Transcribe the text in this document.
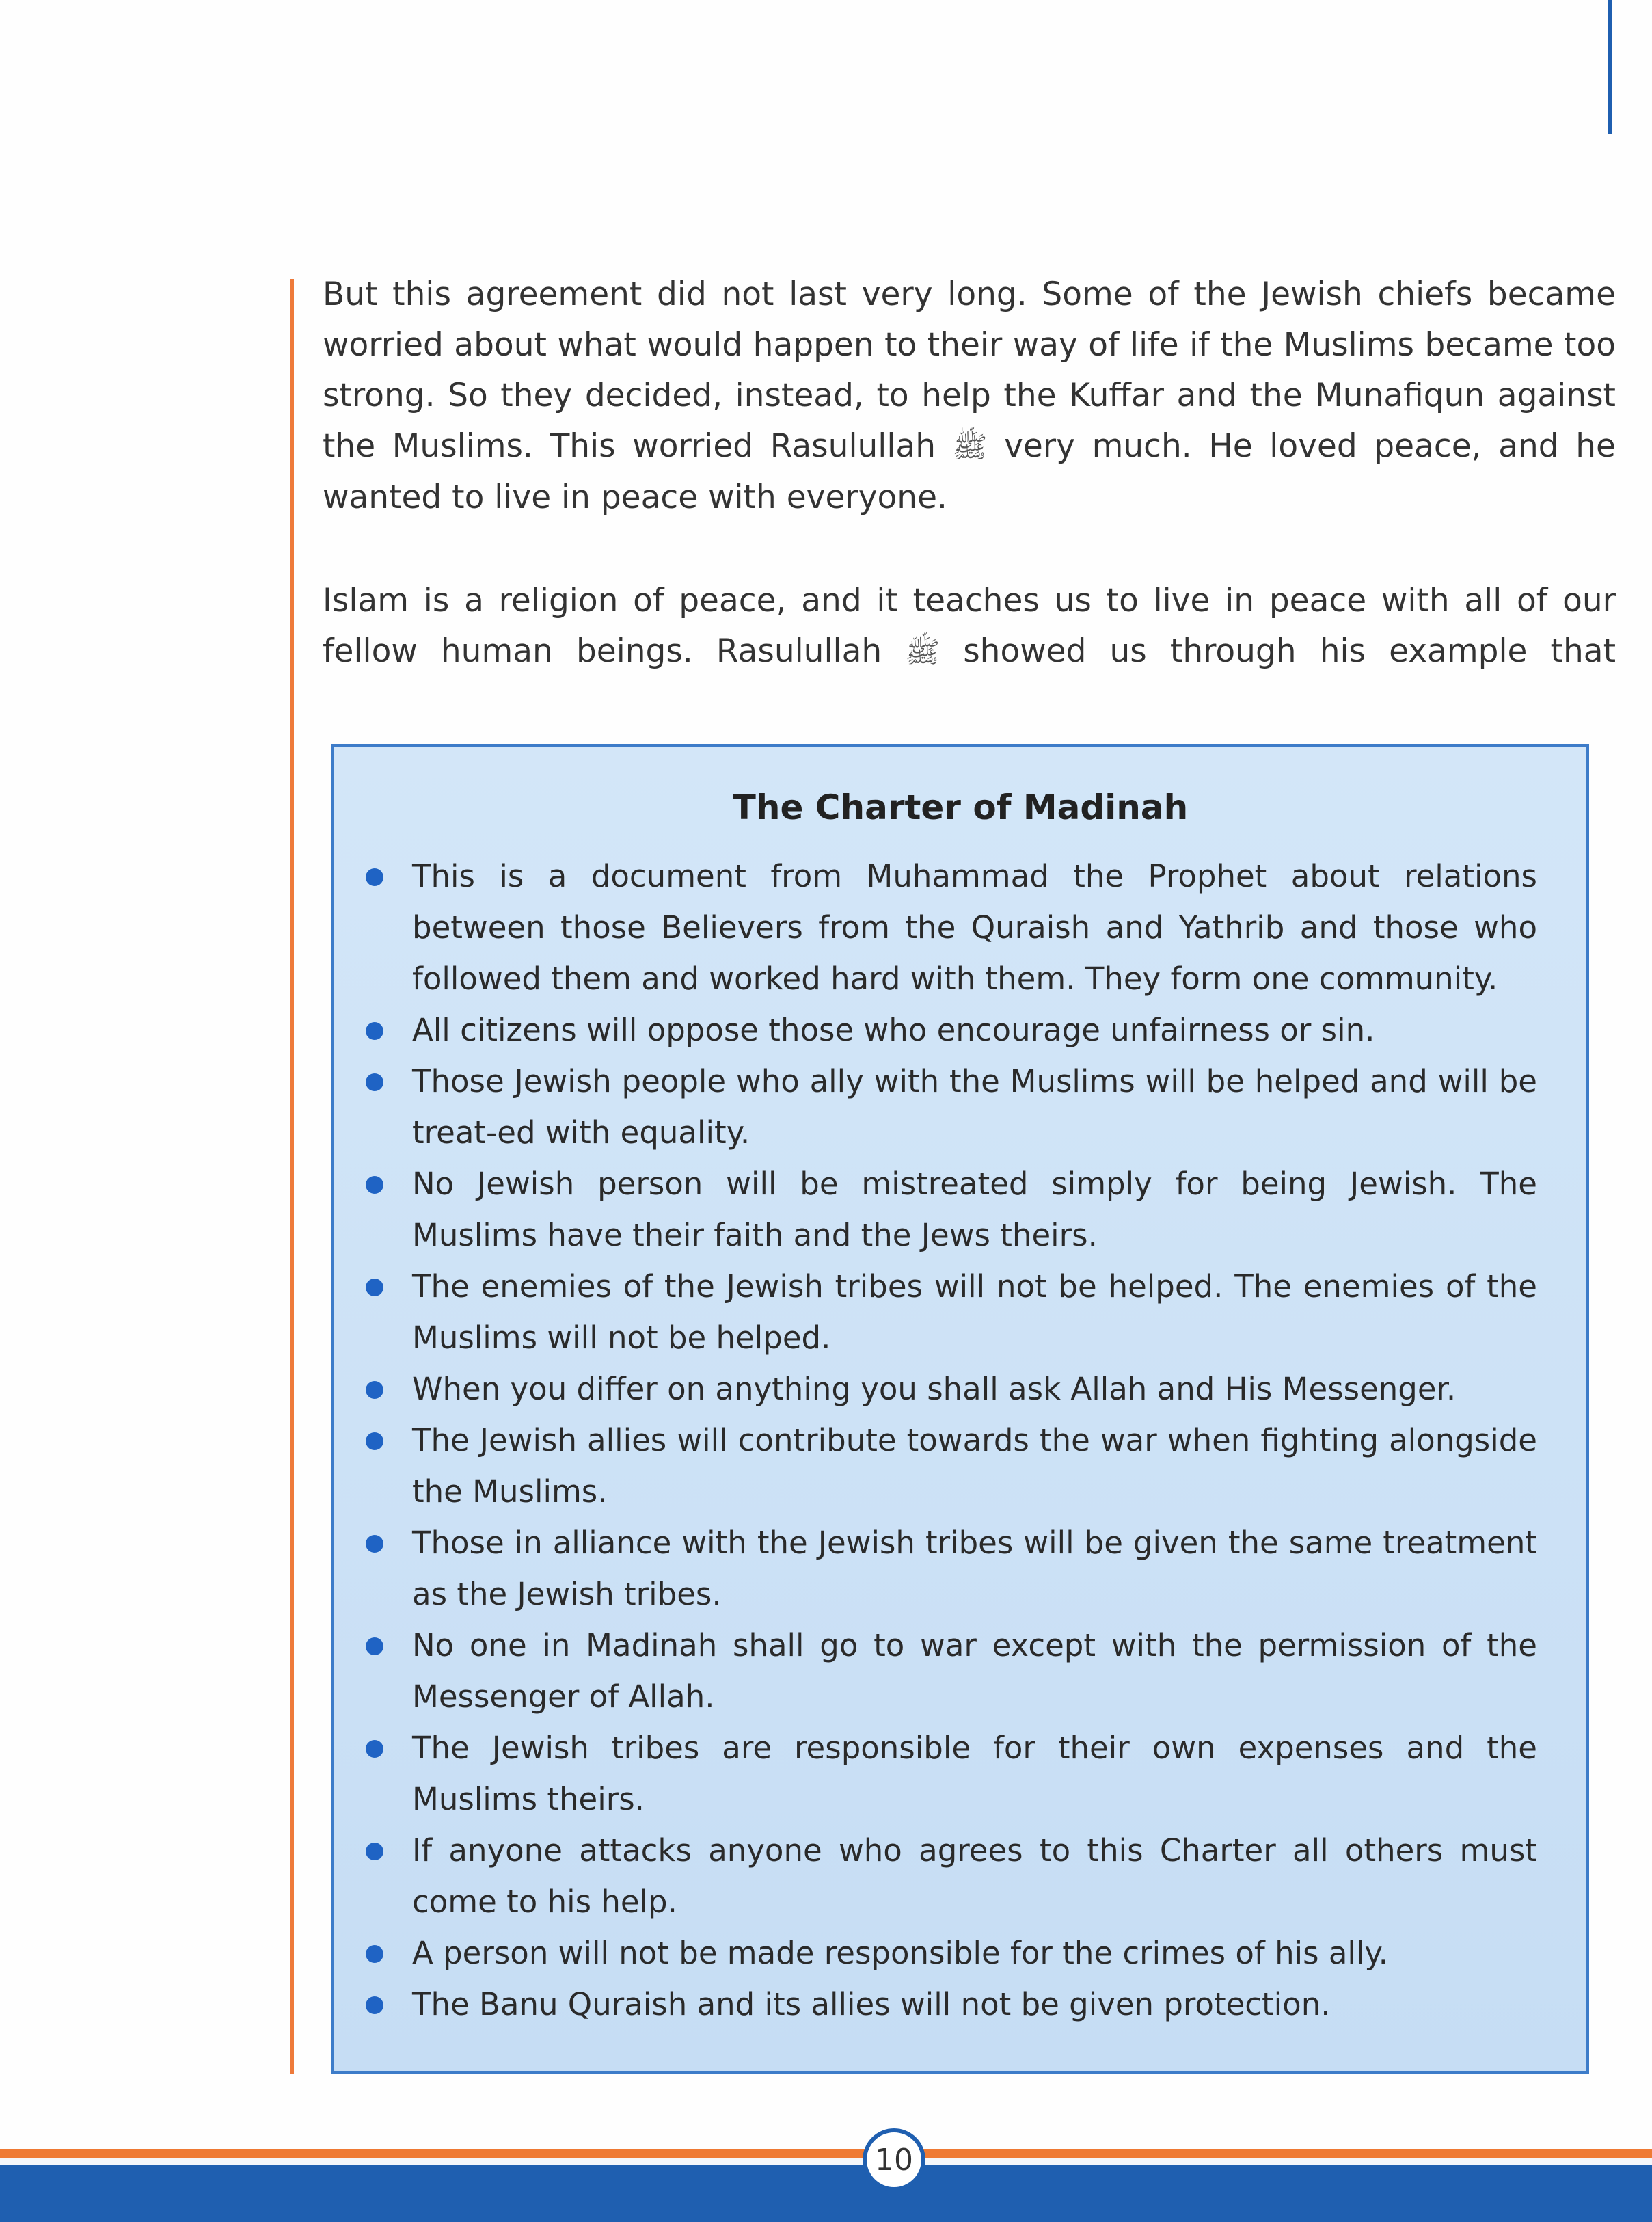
But this agreement did not last very long. Some of the Jewish chiefs became worried about what would happen to their way of life if the Muslims became too strong. So they decided, instead, to help the Kuffar and the Munafiqun against the Muslims. This worried Rasulullah ﷺ very much. He loved peace, and he wanted to live in peace with everyone.

Islam is a religion of peace, and it teaches us to live in peace with all of our fellow human beings. Rasulullah ﷺ showed us through his example that

The Charter of Madinah
This is a document from Muhammad the Prophet about relations between those Believers from the Quraish and Yathrib and those who followed them and worked hard with them. They form one community.
All citizens will oppose those who encourage unfairness or sin.
Those Jewish people who ally with the Muslims will be helped and will be treat-ed with equality.
No Jewish person will be mistreated simply for being Jewish. The Muslims have their faith and the Jews theirs.
The enemies of the Jewish tribes will not be helped. The enemies of the Muslims will not be helped.
When you differ on anything you shall ask Allah and His Messenger.
The Jewish allies will contribute towards the war when fighting alongside the Muslims.
Those in alliance with the Jewish tribes will be given the same treatment as the Jewish tribes.
No one in Madinah shall go to war except with the permission of the Messenger of Allah.
The Jewish tribes are responsible for their own expenses and the Muslims theirs.
If anyone attacks anyone who agrees to this Charter all others must come to his help.
A person will not be made responsible for the crimes of his ally.
The Banu Quraish and its allies will not be given protection.
10
